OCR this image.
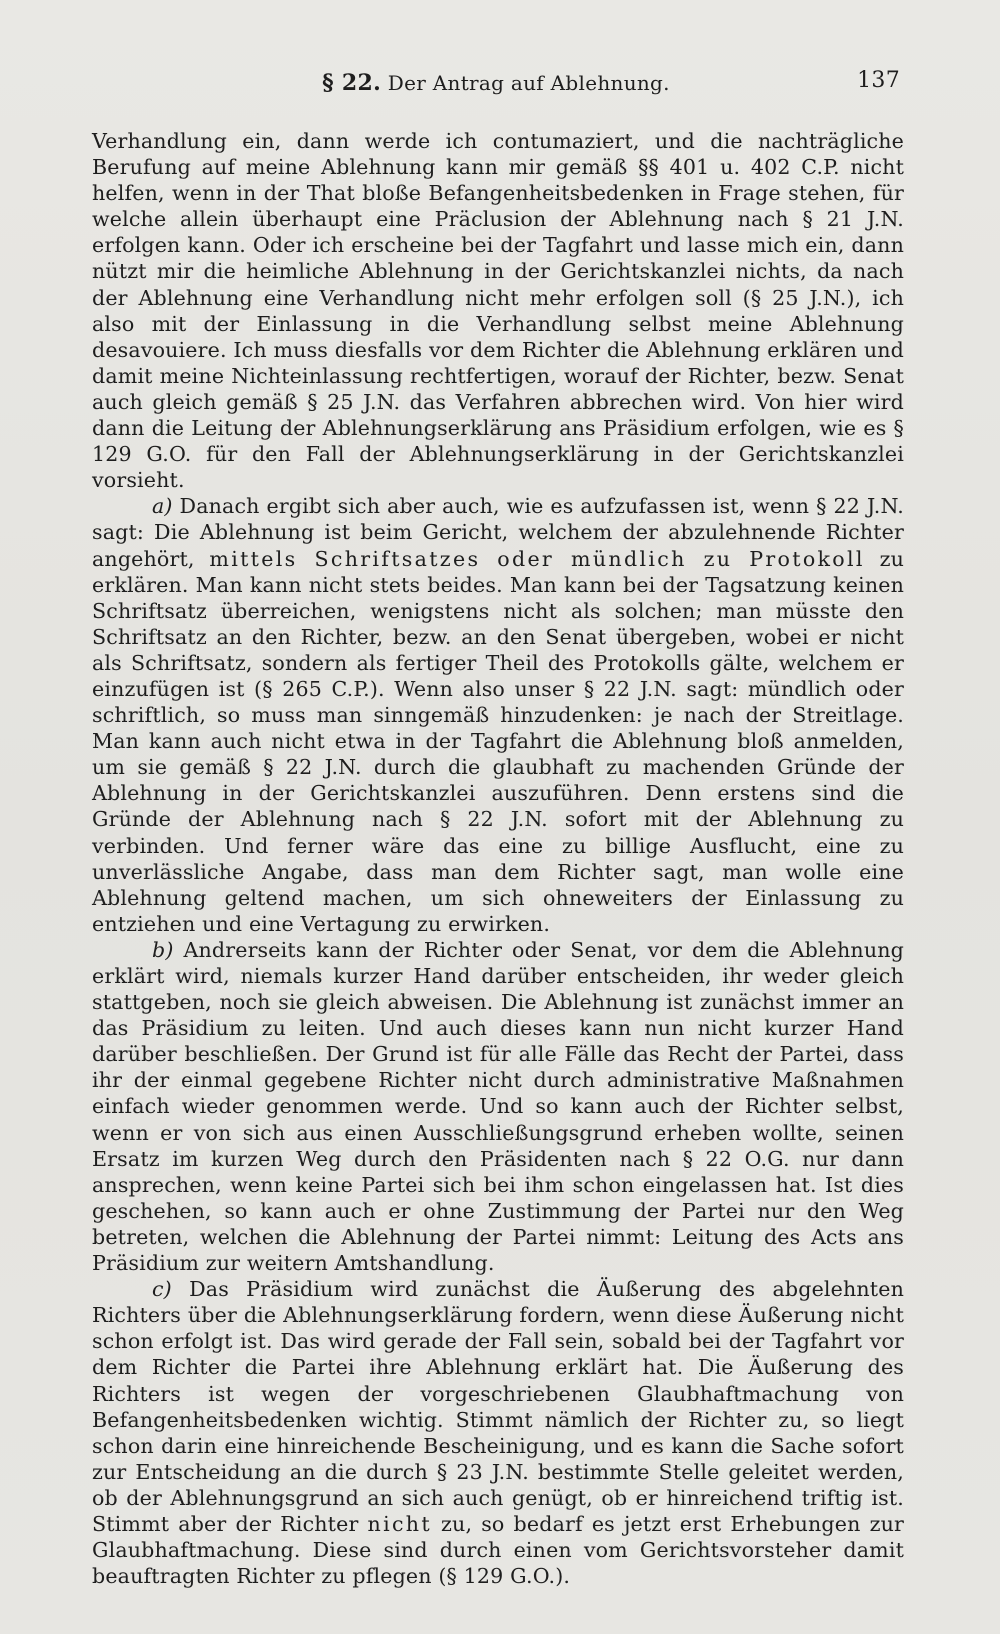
§ 22. Der Antrag auf Ablehnung.	137

Verhandlung ein, dann werde ich contumaziert, und die nachträgliche Berufung auf meine Ablehnung kann mir gemäß §§ 401 u. 402 C.P. nicht helfen, wenn in der That bloße Befangenheitsbedenken in Frage stehen, für welche allein überhaupt eine Präclusion der Ablehnung nach § 21 J.N. erfolgen kann. Oder ich erscheine bei der Tagfahrt und lasse mich ein, dann nützt mir die heimliche Ablehnung in der Gerichtskanzlei nichts, da nach der Ablehnung eine Verhandlung nicht mehr erfolgen soll (§ 25 J.N.), ich also mit der Einlassung in die Verhandlung selbst meine Ablehnung desavouiere. Ich muss diesfalls vor dem Richter die Ablehnung erklären und damit meine Nichteinlassung rechtfertigen, worauf der Richter, bezw. Senat auch gleich gemäß § 25 J.N. das Verfahren abbrechen wird. Von hier wird dann die Leitung der Ablehnungserklärung ans Präsidium erfolgen, wie es § 129 G.O. für den Fall der Ablehnungserklärung in der Gerichtskanzlei vorsieht.

a) Danach ergibt sich aber auch, wie es aufzufassen ist, wenn § 22 J.N. sagt: Die Ablehnung ist beim Gericht, welchem der abzulehnende Richter angehört, mittels Schriftsatzes oder mündlich zu Protokoll zu erklären. Man kann nicht stets beides. Man kann bei der Tagsatzung keinen Schriftsatz überreichen, wenigstens nicht als solchen; man müsste den Schriftsatz an den Richter, bezw. an den Senat übergeben, wobei er nicht als Schriftsatz, sondern als fertiger Theil des Protokolls gälte, welchem er einzufügen ist (§ 265 C.P.). Wenn also unser § 22 J.N. sagt: mündlich oder schriftlich, so muss man sinngemäß hinzudenken: je nach der Streitlage. Man kann auch nicht etwa in der Tagfahrt die Ablehnung bloß anmelden, um sie gemäß § 22 J.N. durch die glaubhaft zu machenden Gründe der Ablehnung in der Gerichtskanzlei auszuführen. Denn erstens sind die Gründe der Ablehnung nach § 22 J.N. sofort mit der Ablehnung zu verbinden. Und ferner wäre das eine zu billige Ausflucht, eine zu unverlässliche Angabe, dass man dem Richter sagt, man wolle eine Ablehnung geltend machen, um sich ohneweiters der Einlassung zu entziehen und eine Vertagung zu erwirken.

b) Andrerseits kann der Richter oder Senat, vor dem die Ablehnung erklärt wird, niemals kurzer Hand darüber entscheiden, ihr weder gleich stattgeben, noch sie gleich abweisen. Die Ablehnung ist zunächst immer an das Präsidium zu leiten. Und auch dieses kann nun nicht kurzer Hand darüber beschließen. Der Grund ist für alle Fälle das Recht der Partei, dass ihr der einmal gegebene Richter nicht durch administrative Maßnahmen einfach wieder genommen werde. Und so kann auch der Richter selbst, wenn er von sich aus einen Ausschließungsgrund erheben wollte, seinen Ersatz im kurzen Weg durch den Präsidenten nach § 22 O.G. nur dann ansprechen, wenn keine Partei sich bei ihm schon eingelassen hat. Ist dies geschehen, so kann auch er ohne Zustimmung der Partei nur den Weg betreten, welchen die Ablehnung der Partei nimmt: Leitung des Acts ans Präsidium zur weitern Amtshandlung.

c) Das Präsidium wird zunächst die Äußerung des abgelehnten Richters über die Ablehnungserklärung fordern, wenn diese Äußerung nicht schon erfolgt ist. Das wird gerade der Fall sein, sobald bei der Tagfahrt vor dem Richter die Partei ihre Ablehnung erklärt hat. Die Äußerung des Richters ist wegen der vorgeschriebenen Glaubhaftmachung von Befangenheitsbedenken wichtig. Stimmt nämlich der Richter zu, so liegt schon darin eine hinreichende Bescheinigung, und es kann die Sache sofort zur Entscheidung an die durch § 23 J.N. bestimmte Stelle geleitet werden, ob der Ablehnungsgrund an sich auch genügt, ob er hinreichend triftig ist. Stimmt aber der Richter nicht zu, so bedarf es jetzt erst Erhebungen zur Glaubhaftmachung. Diese sind durch einen vom Gerichtsvorsteher damit beauftragten Richter zu pflegen (§ 129 G.O.).
